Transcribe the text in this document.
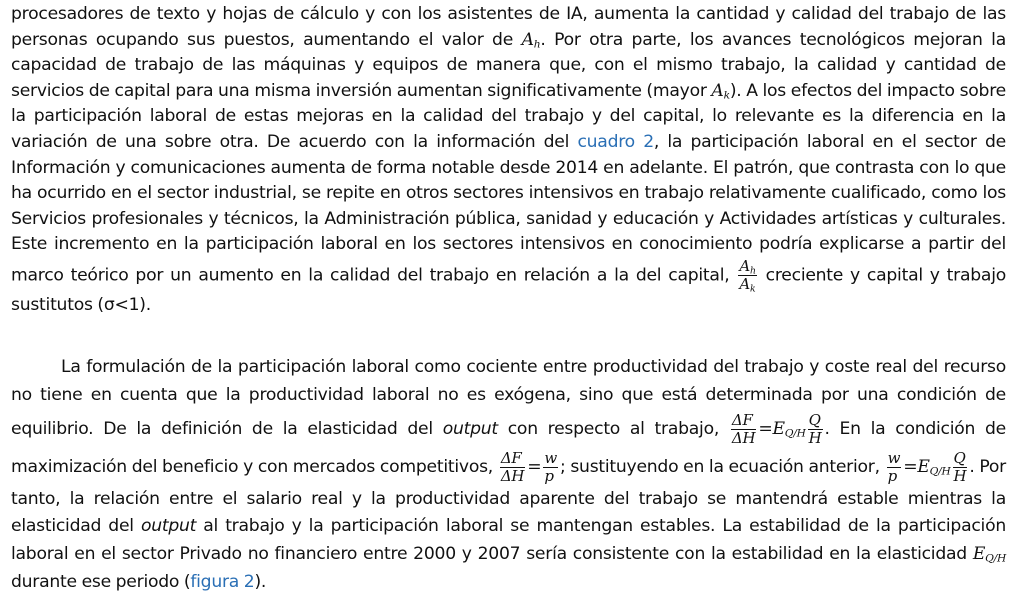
procesadores de texto y hojas de cálculo y con los asistentes de IA, aumenta la cantidad y calidad del trabajo de las personas ocupando sus puestos, aumentando el valor de $A_h$. Por otra parte, los avances tecnológicos mejoran la capacidad de trabajo de las máquinas y equipos de manera que, con el mismo trabajo, la calidad y cantidad de servicios de capital para una misma inversión aumentan significativamente (mayor $A_k$). A los efectos del impacto sobre la participación laboral de estas mejoras en la calidad del trabajo y del capital, lo relevante es la diferencia en la variación de una sobre otra. De acuerdo con la información del cuadro 2, la participación laboral en el sector de Información y comunicaciones aumenta de forma notable desde 2014 en adelante. El patrón, que contrasta con lo que ha ocurrido en el sector industrial, se repite en otros sectores intensivos en trabajo relativamente cualificado, como los Servicios profesionales y técnicos, la Administración pública, sanidad y educación y Actividades artísticas y culturales. Este incremento en la participación laboral en los sectores intensivos en conocimiento podría explicarse a partir del marco teórico por un aumento en la calidad del trabajo en relación a la del capital, $\frac{A_h}{A_k}$ creciente y capital y trabajo sustitutos (σ<1).

La formulación de la participación laboral como cociente entre productividad del trabajo y coste real del recurso no tiene en cuenta que la productividad laboral no es exógena, sino que está determinada por una condición de equilibrio. De la definición de la elasticidad del output con respecto al trabajo, $\frac{\Delta F}{\Delta H} =E_{Q/H} \frac{Q}{H}$ . En la condición de maximización del beneficio y con mercados competitivos, $\frac{\Delta F}{\Delta H} = \frac{w}{p}$ ; sustituyendo en la ecuación anterior, $\frac{w}{p} =E_{Q/H} \frac{Q}{H}$ . Por tanto, la relación entre el salario real y la productividad aparente del trabajo se mantendrá estable mientras la elasticidad del output al trabajo y la participación laboral se mantengan estables. La estabilidad de la participación laboral en el sector Privado no financiero entre 2000 y 2007 sería consistente con la estabilidad en la elasticidad $E_{Q/H}$ durante ese periodo (figura 2).
